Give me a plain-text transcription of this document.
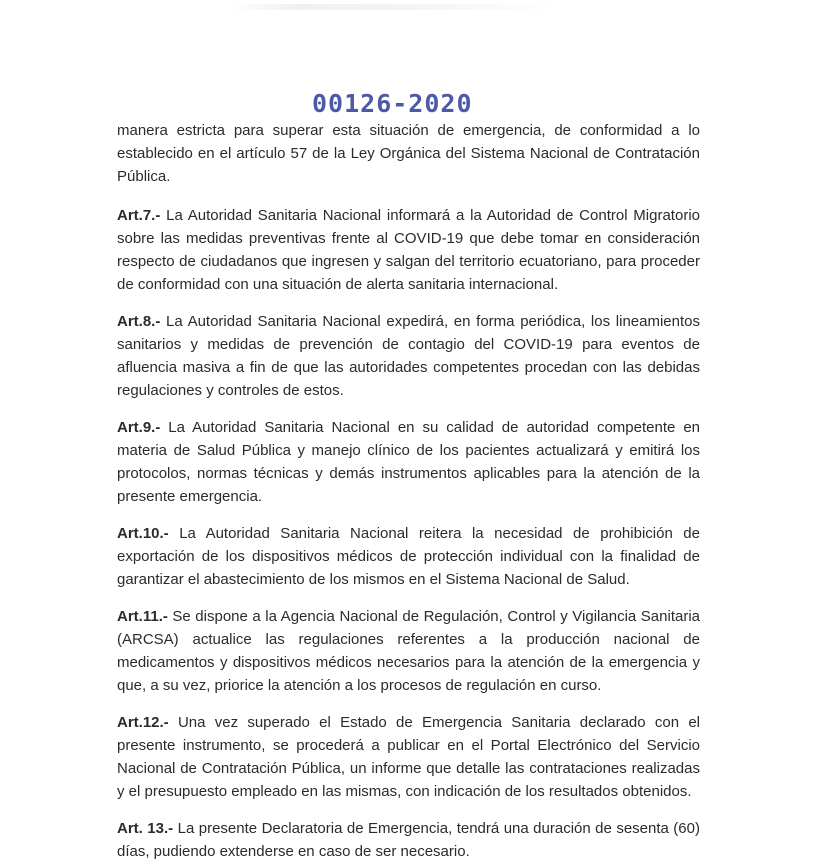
00126-2020

manera estricta para superar esta situación de emergencia, de conformidad a lo establecido en el artículo 57 de la Ley Orgánica del Sistema Nacional de Contratación Pública.

Art.7.- La Autoridad Sanitaria Nacional informará a la Autoridad de Control Migratorio sobre las medidas preventivas frente al COVID-19 que debe tomar en consideración respecto de ciudadanos que ingresen y salgan del territorio ecuatoriano, para proceder de conformidad con una situación de alerta sanitaria internacional.

Art.8.- La Autoridad Sanitaria Nacional expedirá, en forma periódica, los lineamientos sanitarios y medidas de prevención de contagio del COVID-19 para eventos de afluencia masiva a fin de que las autoridades competentes procedan con las debidas regulaciones y controles de estos.

Art.9.- La Autoridad Sanitaria Nacional en su calidad de autoridad competente en materia de Salud Pública y manejo clínico de los pacientes actualizará y emitirá los protocolos, normas técnicas y demás instrumentos aplicables para la atención de la presente emergencia.

Art.10.- La Autoridad Sanitaria Nacional reitera la necesidad de prohibición de exportación de los dispositivos médicos de protección individual con la finalidad de garantizar el abastecimiento de los mismos en el Sistema Nacional de Salud.

Art.11.- Se dispone a la Agencia Nacional de Regulación, Control y Vigilancia Sanitaria (ARCSA) actualice las regulaciones referentes a la producción nacional de medicamentos y dispositivos médicos necesarios para la atención de la emergencia y que, a su vez, priorice la atención a los procesos de regulación en curso.

Art.12.- Una vez superado el Estado de Emergencia Sanitaria declarado con el presente instrumento, se procederá a publicar en el Portal Electrónico del Servicio Nacional de Contratación Pública, un informe que detalle las contrataciones realizadas y el presupuesto empleado en las mismas, con indicación de los resultados obtenidos.

Art. 13.- La presente Declaratoria de Emergencia, tendrá una duración de sesenta (60) días, pudiendo extenderse en caso de ser necesario.
